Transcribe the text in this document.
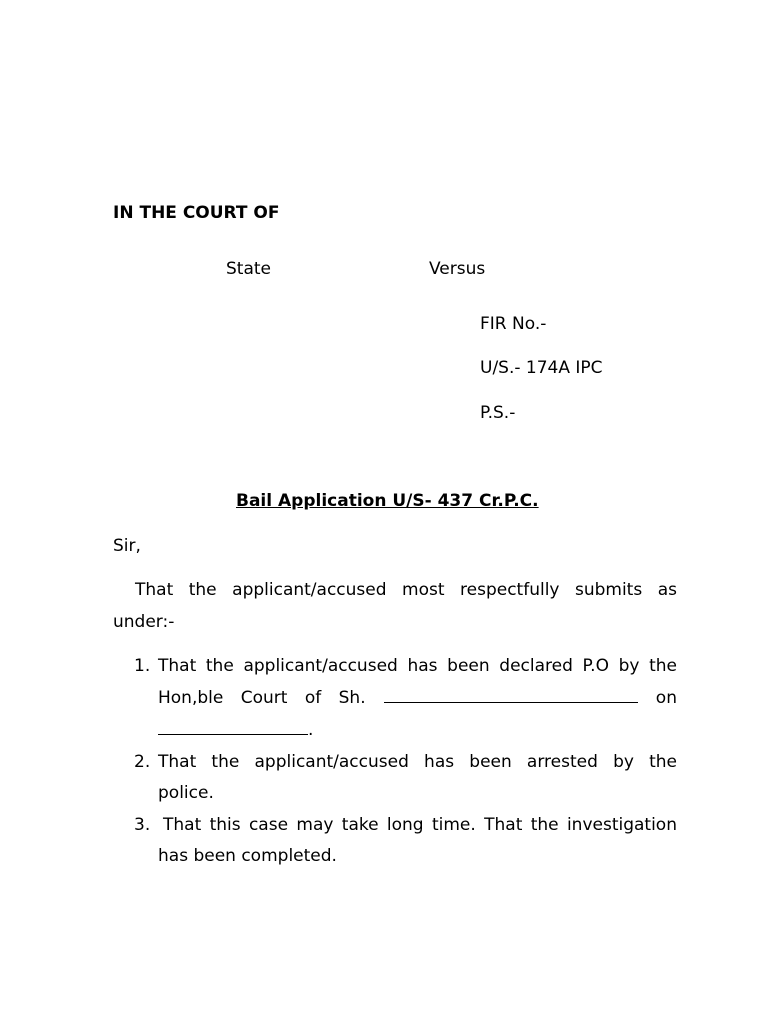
IN THE COURT OF
State	Versus
FIR No.-
U/S.- 174A IPC
P.S.-
Bail Application U/S- 437 Cr.P.C.
Sir,
That the applicant/accused most respectfully submits as
under:-
1. That the applicant/accused has been declared P.O by the
Hon,ble Court of Sh.	on
.
2. That the applicant/accused has been arrested by the
police.
3. That this case may take long time. That the investigation
has been completed.
